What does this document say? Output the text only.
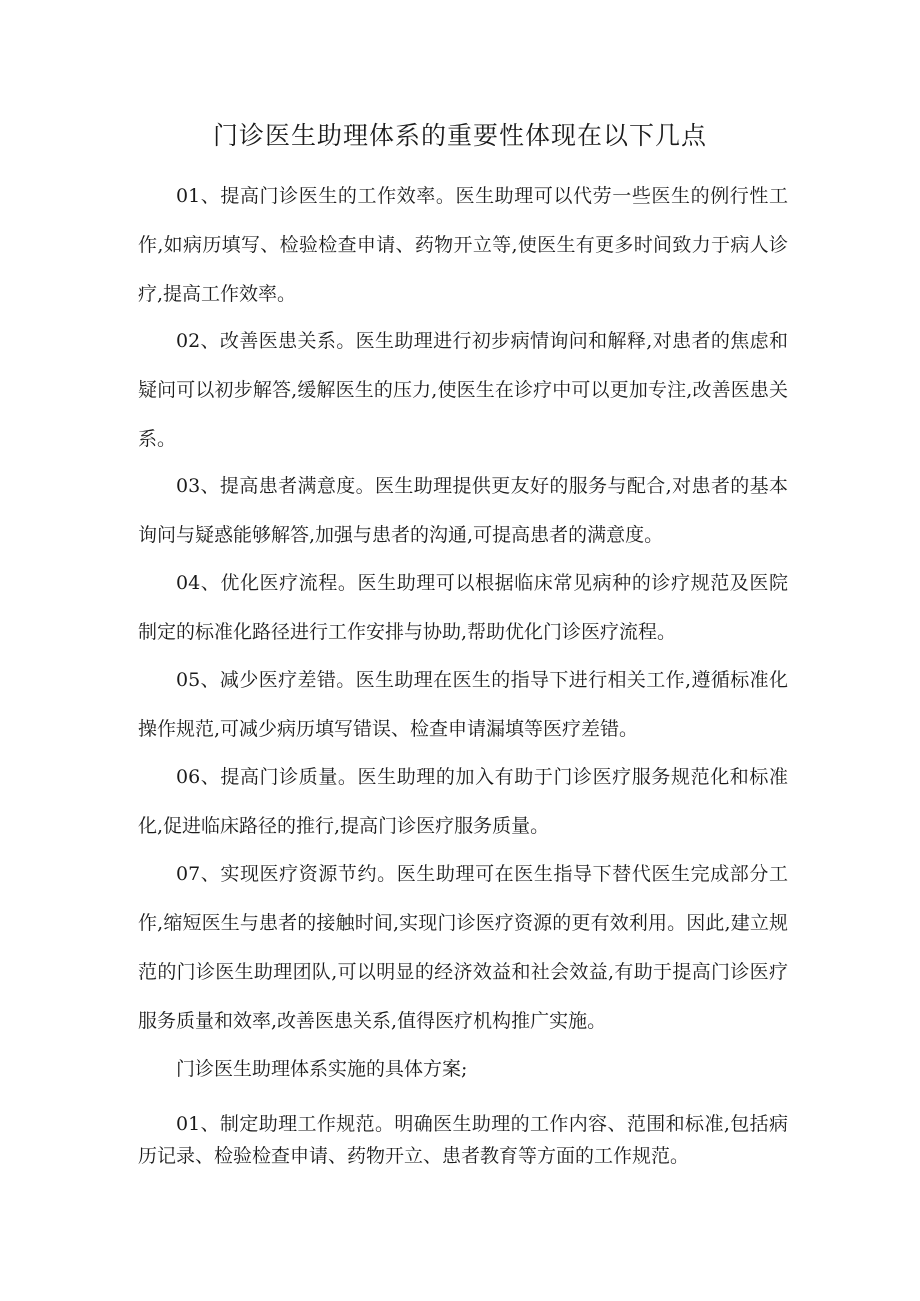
门诊医生助理体系的重要性体现在以下几点

01、提高门诊医生的工作效率。医生助理可以代劳一些医生的例行性工作,如病历填写、检验检查申请、药物开立等,使医生有更多时间致力于病人诊疗,提高工作效率。

02、改善医患关系。医生助理进行初步病情询问和解释,对患者的焦虑和疑问可以初步解答,缓解医生的压力,使医生在诊疗中可以更加专注,改善医患关系。

03、提高患者满意度。医生助理提供更友好的服务与配合,对患者的基本询问与疑惑能够解答,加强与患者的沟通,可提高患者的满意度。

04、优化医疗流程。医生助理可以根据临床常见病种的诊疗规范及医院制定的标准化路径进行工作安排与协助,帮助优化门诊医疗流程。

05、减少医疗差错。医生助理在医生的指导下进行相关工作,遵循标准化操作规范,可减少病历填写错误、检查申请漏填等医疗差错。

06、提高门诊质量。医生助理的加入有助于门诊医疗服务规范化和标准化,促进临床路径的推行,提高门诊医疗服务质量。

07、实现医疗资源节约。医生助理可在医生指导下替代医生完成部分工作,缩短医生与患者的接触时间,实现门诊医疗资源的更有效利用。因此,建立规范的门诊医生助理团队,可以明显的经济效益和社会效益,有助于提高门诊医疗服务质量和效率,改善医患关系,值得医疗机构推广实施。

门诊医生助理体系实施的具体方案;

01、制定助理工作规范。明确医生助理的工作内容、范围和标准,包括病历记录、检验检查申请、药物开立、患者教育等方面的工作规范。
